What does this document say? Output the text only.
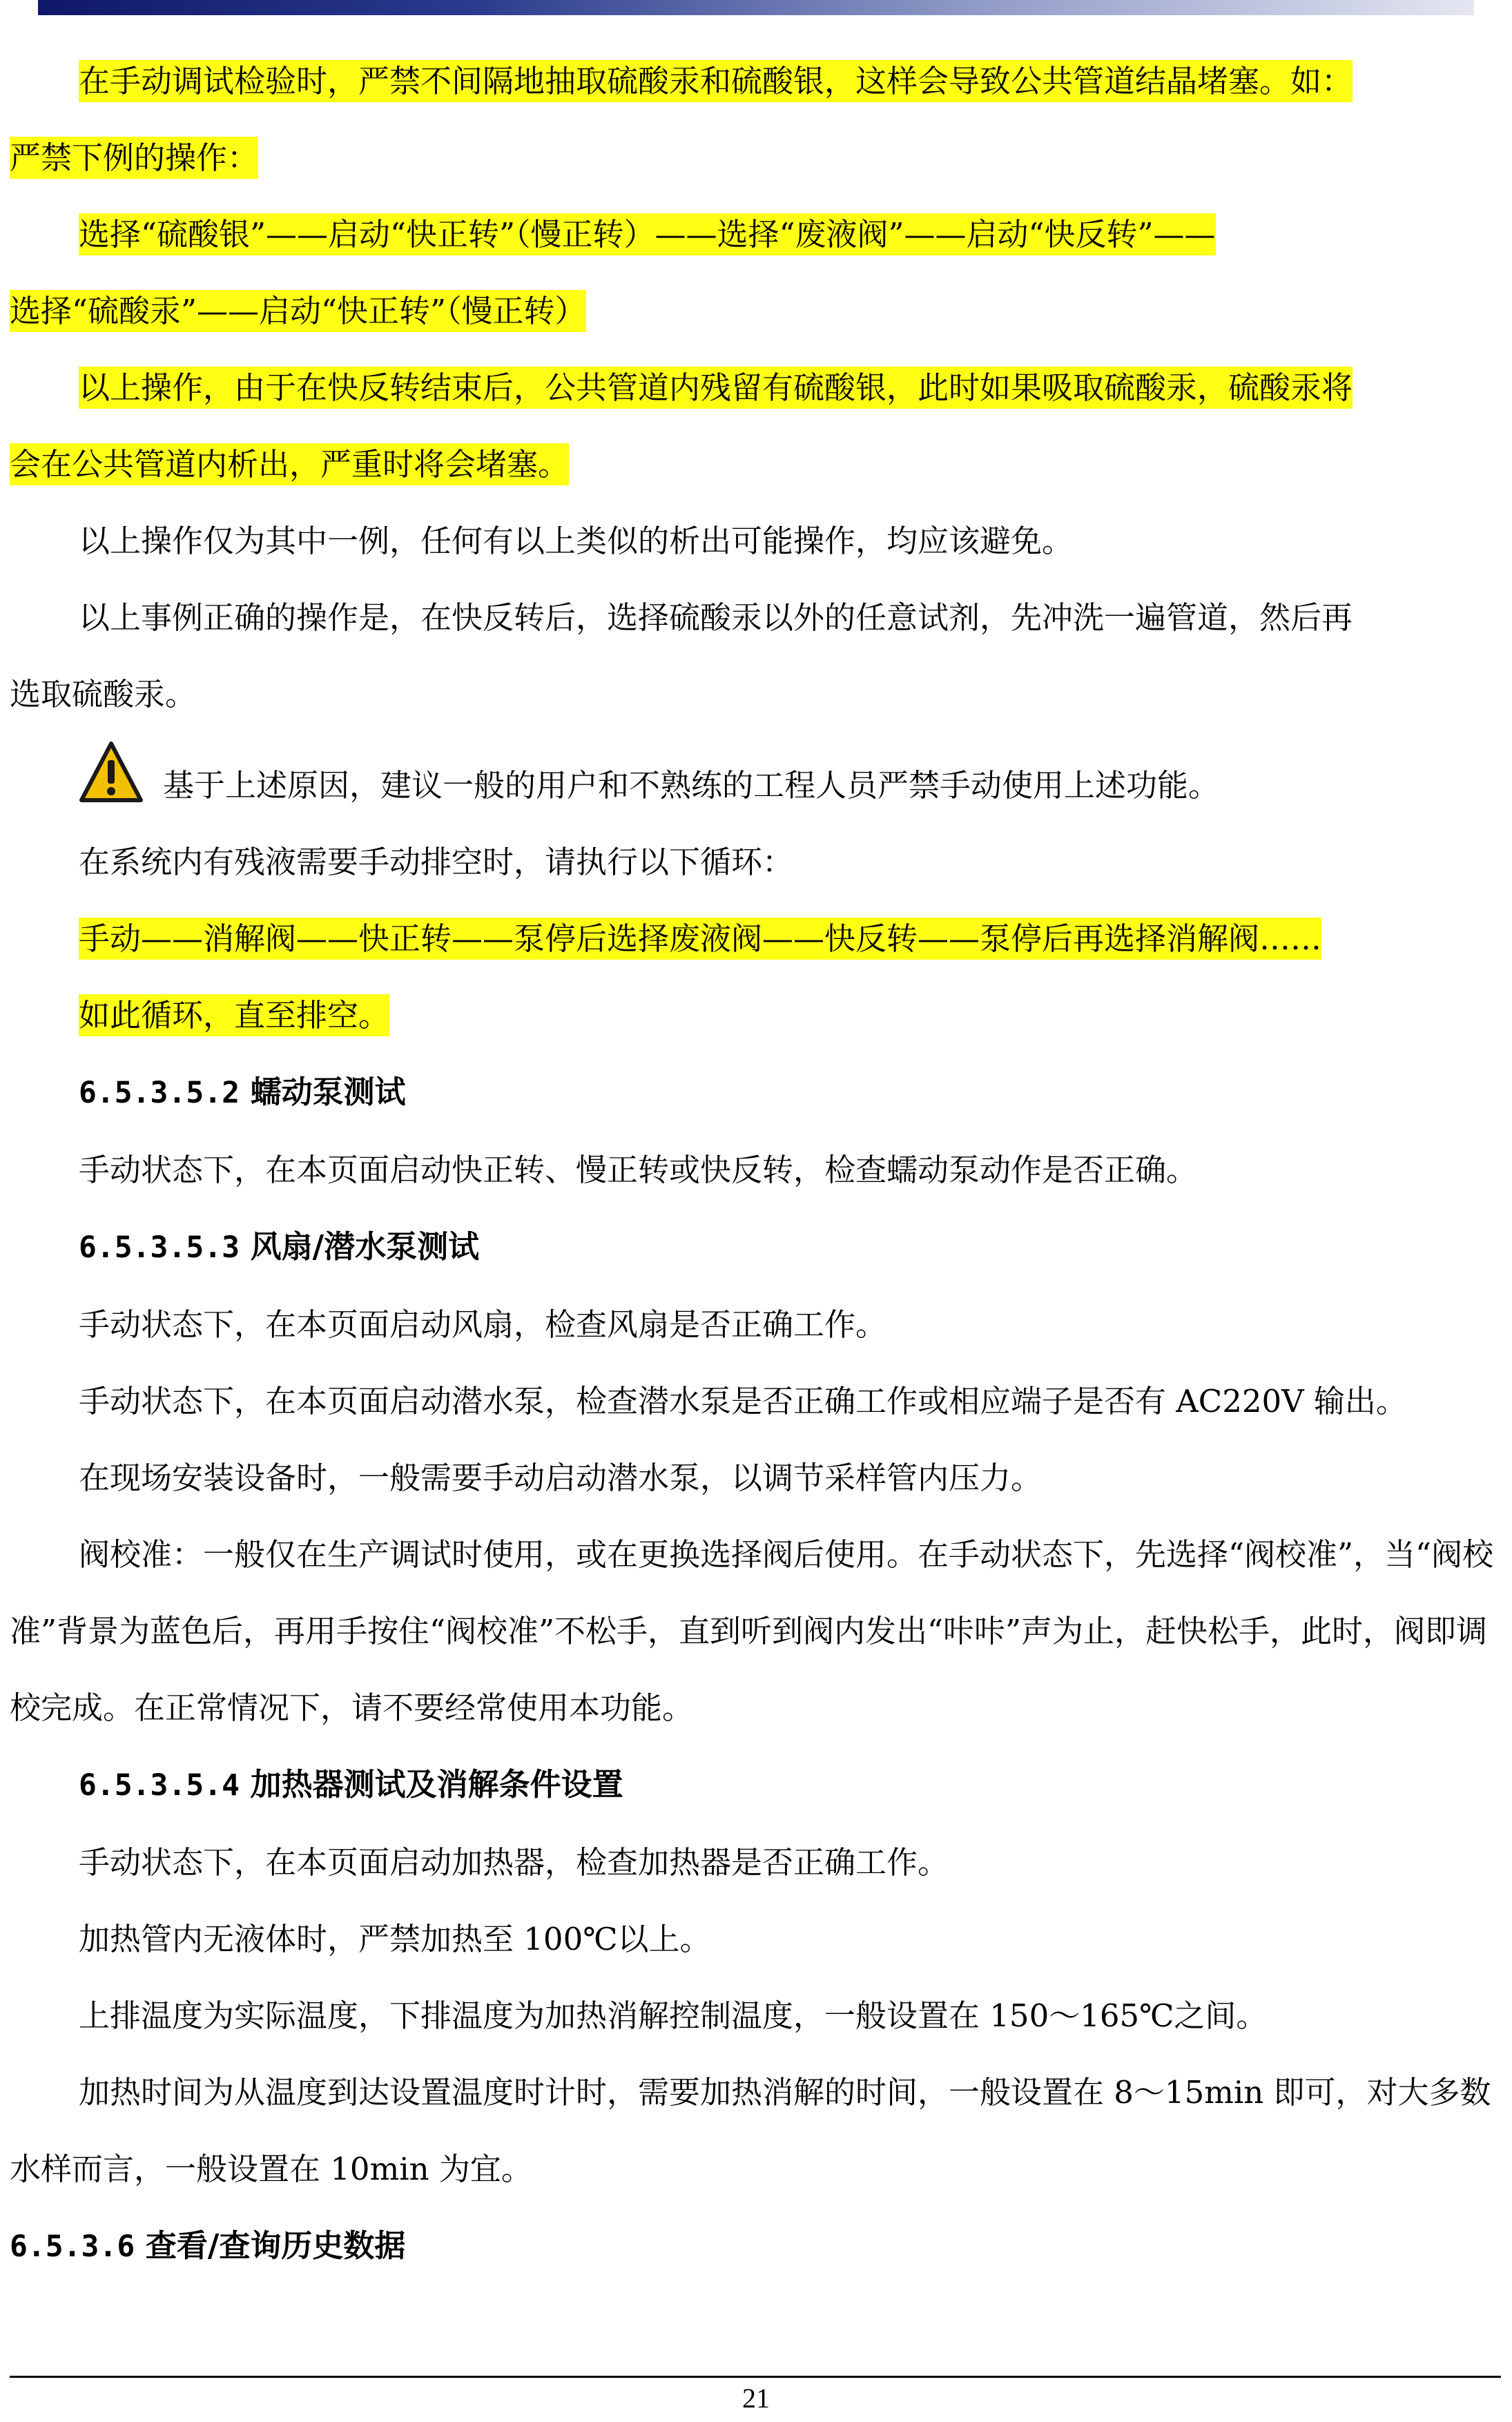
在手动调试检验时，严禁不间隔地抽取硫酸汞和硫酸银，这样会导致公共管道结晶堵塞。如：

严禁下例的操作：

选择“硫酸银”——启动“快正转”（慢正转）——选择“废液阀”——启动“快反转”——

选择“硫酸汞”——启动“快正转”（慢正转）

以上操作，由于在快反转结束后，公共管道内残留有硫酸银，此时如果吸取硫酸汞，硫酸汞将

会在公共管道内析出，严重时将会堵塞。

以上操作仅为其中一例，任何有以上类似的析出可能操作，均应该避免。

以上事例正确的操作是，在快反转后，选择硫酸汞以外的任意试剂，先冲洗一遍管道，然后再

选取硫酸汞。

基于上述原因，建议一般的用户和不熟练的工程人员严禁手动使用上述功能。

在系统内有残液需要手动排空时，请执行以下循环：

手动——消解阀——快正转——泵停后选择废液阀——快反转——泵停后再选择消解阀……

如此循环，直至排空。

6.5.3.5.2 蠕动泵测试

手动状态下，在本页面启动快正转、慢正转或快反转，检查蠕动泵动作是否正确。

6.5.3.5.3 风扇/潜水泵测试

手动状态下，在本页面启动风扇，检查风扇是否正确工作。

手动状态下，在本页面启动潜水泵，检查潜水泵是否正确工作或相应端子是否有 AC220V 输出。

在现场安装设备时，一般需要手动启动潜水泵，以调节采样管内压力。

阀校准：一般仅在生产调试时使用，或在更换选择阀后使用。在手动状态下，先选择“阀校准”，当“阀校准”背景为蓝色后，再用手按住“阀校准”不松手，直到听到阀内发出“咔咔”声为止，赶快松手，此时，阀即调校完成。在正常情况下，请不要经常使用本功能。

6.5.3.5.4 加热器测试及消解条件设置

手动状态下，在本页面启动加热器，检查加热器是否正确工作。

加热管内无液体时，严禁加热至 100℃以上。

上排温度为实际温度，下排温度为加热消解控制温度，一般设置在 150～165℃之间。

加热时间为从温度到达设置温度时计时，需要加热消解的时间，一般设置在 8～15min 即可，对大多数水样而言，一般设置在 10min 为宜。

6.5.3.6 查看/查询历史数据

21
